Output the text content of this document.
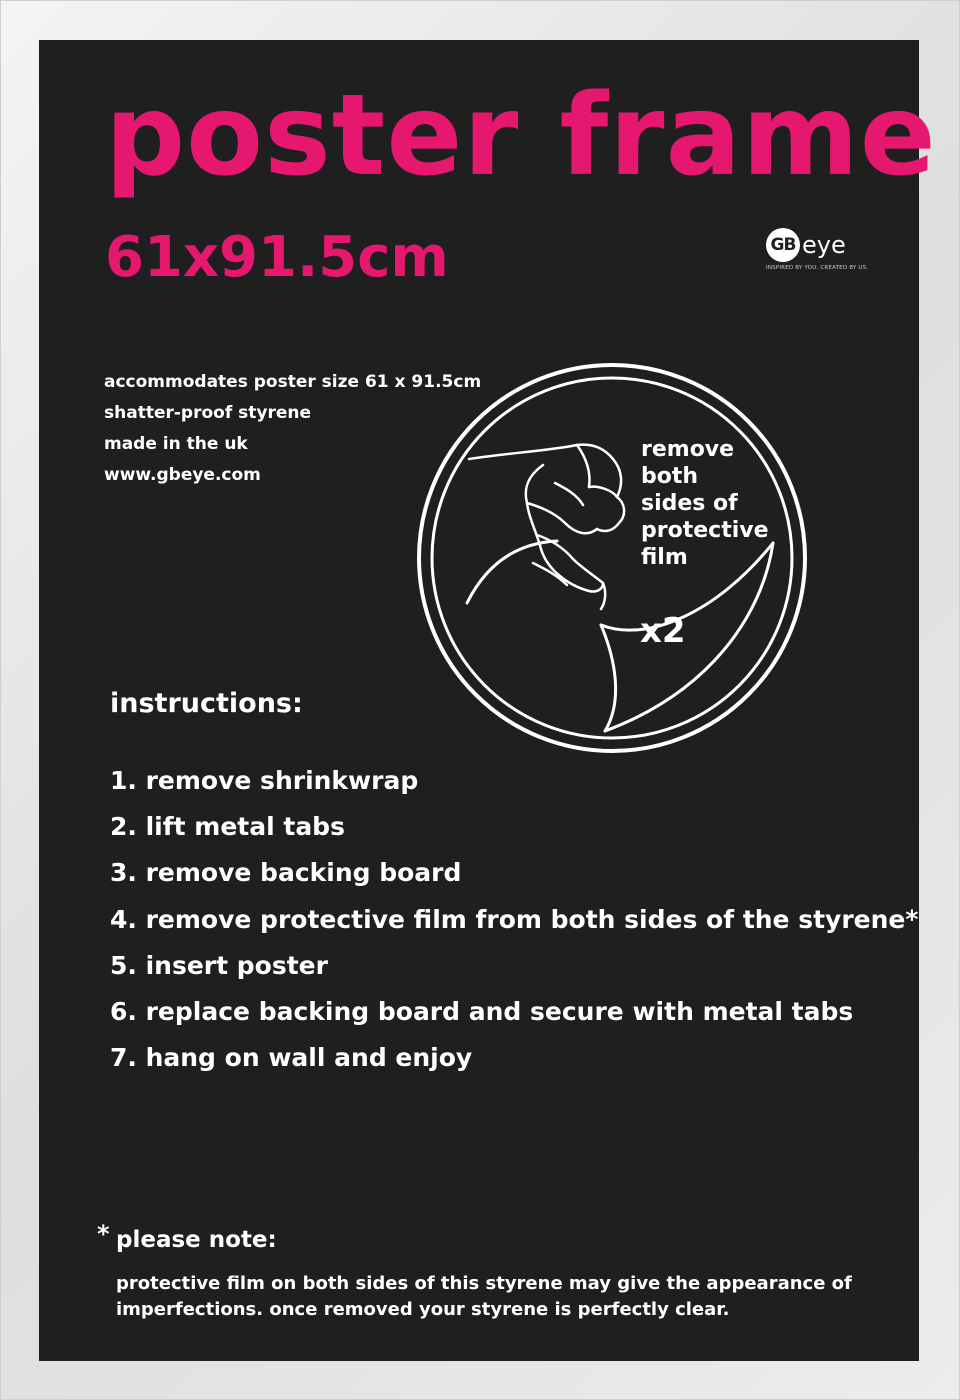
poster frame
61x91.5cm	GB eye
INSPIRED BY YOU. CREATED BY US.
accommodates poster size 61 x 91.5cm
shatter-proof styrene
made in the uk
www.gbeye.com
remove
both
sides of
protective
film
x2
instructions:
1. remove shrinkwrap
2. lift metal tabs
3. remove backing board
4. remove protective film from both sides of the styrene*
5. insert poster
6. replace backing board and secure with metal tabs
7. hang on wall and enjoy
* please note:
protective film on both sides of this styrene may give the appearance of imperfections. once removed your styrene is perfectly clear.
